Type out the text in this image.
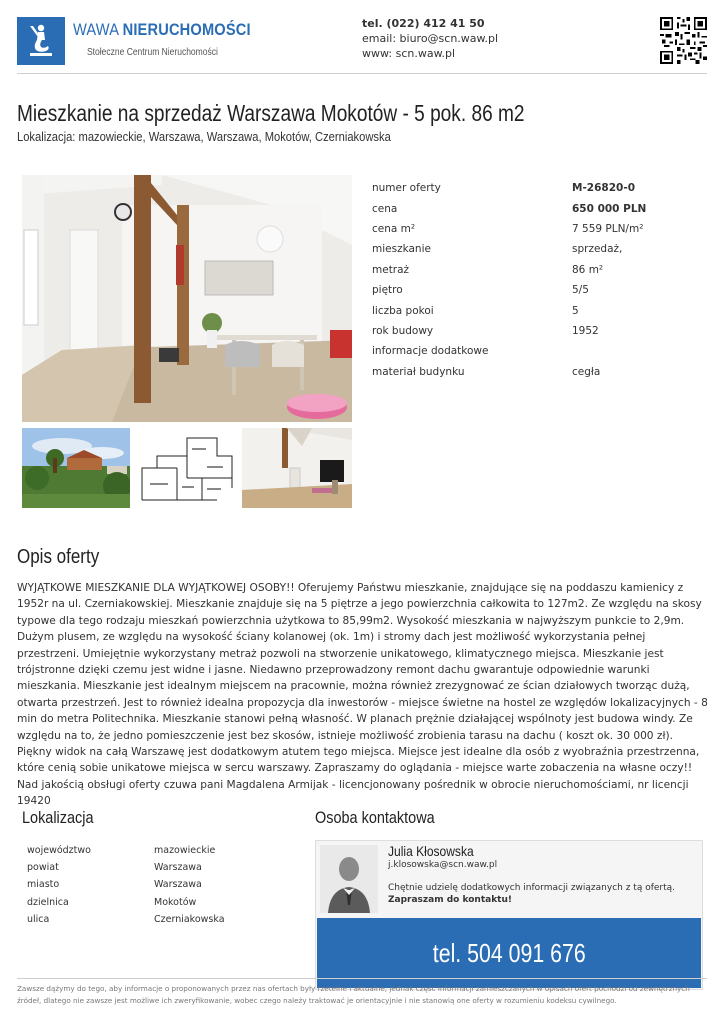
WAWA NIERUCHOMOŚCI
Stołeczne Centrum Nieruchomości
tel. (022) 412 41 50
email: biuro@scn.waw.pl
www: scn.waw.pl
Mieszkanie na sprzedaż Warszawa Mokotów - 5 pok. 86 m2
Lokalizacja: mazowieckie, Warszawa, Warszawa, Mokotów, Czerniakowska
numer oferty	M-26820-0
cena	650 000 PLN
cena m²	7 559 PLN/m²
mieszkanie	sprzedaż,
metraż	86 m²
piętro	5/5
liczba pokoi	5
rok budowy	1952
informacje dodatkowe
materiał budynku	cegła
Opis oferty

WYJĄTKOWE MIESZKANIE DLA WYJĄTKOWEJ OSOBY!! Oferujemy Państwu mieszkanie, znajdujące się na poddaszu kamienicy z 1952r na ul. Czerniakowskiej. Mieszkanie znajduje się na 5 piętrze a jego powierzchnia całkowita to 127m2. Ze względu na skosy typowe dla tego rodzaju mieszkań powierzchnia użytkowa to 85,99m2. Wysokość mieszkania w najwyższym punkcie to 2,9m. Dużym plusem, ze względu na wysokość ściany kolanowej (ok. 1m) i stromy dach jest możliwość wykorzystania pełnej przestrzeni. Umiejętnie wykorzystany metraż pozwoli na stworzenie unikatowego, klimatycznego miejsca. Mieszkanie jest trójstronne dzięki czemu jest widne i jasne. Niedawno przeprowadzony remont dachu gwarantuje odpowiednie warunki mieszkania. Mieszkanie jest idealnym miejscem na pracownie, można również zrezygnować ze ścian działowych tworząc dużą, otwarta przestrzeń. Jest to również idealna propozycja dla inwestorów - miejsce świetne na hostel ze względów lokalizacyjnych - 8 min do metra Politechnika. Mieszkanie stanowi pełną własność. W planach prężnie działającej wspólnoty jest budowa windy. Ze względu na to, że jedno pomieszczenie jest bez skosów, istnieje możliwość zrobienia tarasu na dachu ( koszt ok. 30 000 zł). Piękny widok na całą Warszawę jest dodatkowym atutem tego miejsca. Miejsce jest idealne dla osób z wyobraźnia przestrzenna, które cenią sobie unikatowe miejsca w sercu warszawy. Zapraszamy do oglądania - miejsce warte zobaczenia na własne oczy!! Nad jakością obsługi oferty czuwa pani Magdalena Armijak - licencjonowany pośrednik w obrocie nieruchomościami, nr licencji 19420

Lokalizacja
województwo	mazowieckie
powiat	Warszawa
miasto	Warszawa
dzielnica	Mokotów
ulica	Czerniakowska
Osoba kontaktowa
Julia Kłosowska
j.klosowska@scn.waw.pl
Chętnie udzielę dodatkowych informacji związanych z tą ofertą.
Zapraszam do kontaktu!
tel. 504 091 676
Zawsze dążymy do tego, aby informacje o proponowanych przez nas ofertach były rzetelne i aktualne, jednak część informacji zamieszczanych w opisach ofert pochodzi od zewnętrznych źródeł, dlatego nie zawsze jest możliwe ich zweryfikowanie, wobec czego należy traktować je orientacyjnie i nie stanowią one oferty w rozumieniu kodeksu cywilnego.
